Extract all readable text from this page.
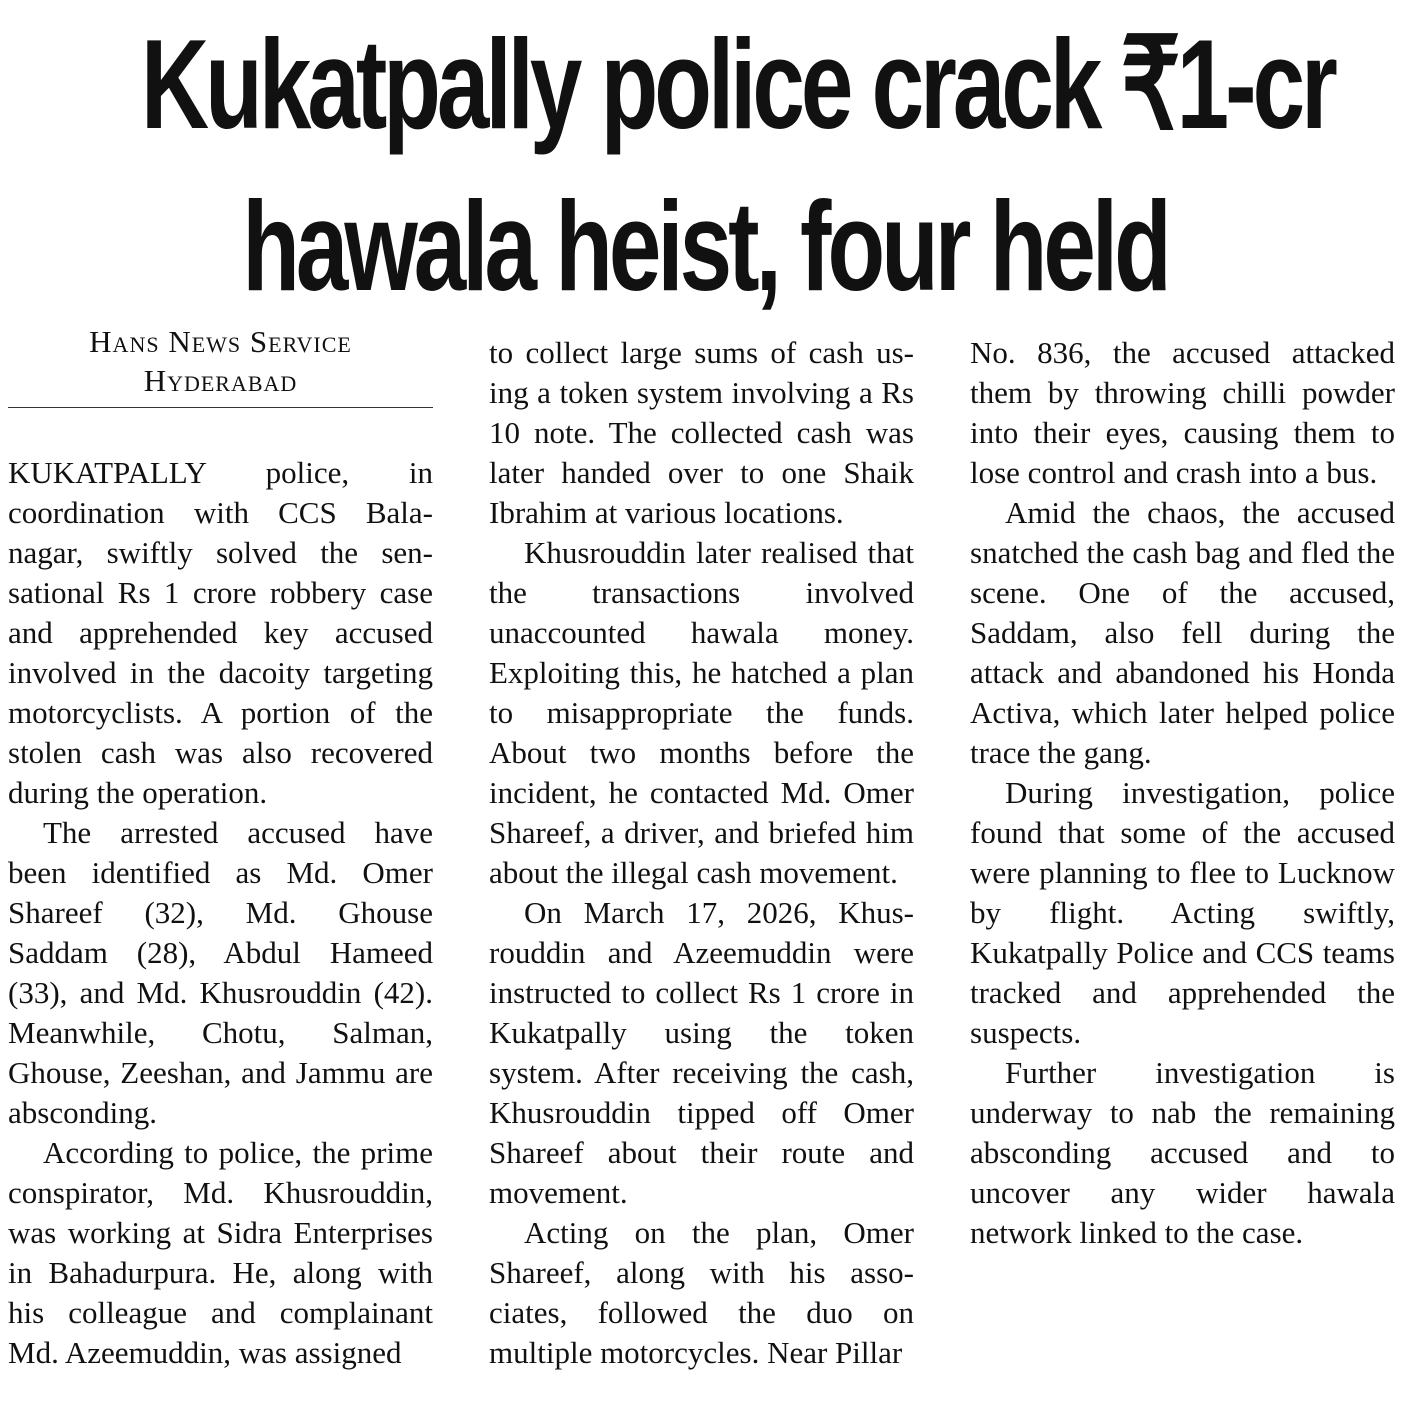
Kukatpally police crack ₹1-cr
hawala heist, four held
Hans News Service
Hyderabad

KUKATPALLY police, in coordination with CCS Balanagar, swiftly solved the sensational Rs 1 crore robbery case and apprehended key accused involved in the dacoity targeting motorcyclists. A portion of the stolen cash was also recovered during the operation.

The arrested accused have been identified as Md. Omer Shareef (32), Md. Ghouse Saddam (28), Abdul Hameed (33), and Md. Khusrouddin (42). Meanwhile, Chotu, Salman, Ghouse, Zeeshan, and Jammu are absconding.

According to police, the prime conspirator, Md. Khusrouddin, was working at Sidra Enterprises in Bahadurpura. He, along with his colleague and complainant Md. Azeemuddin, was assigned

to collect large sums of cash using a token system involving a Rs 10 note. The collected cash was later handed over to one Shaik Ibrahim at various locations.

Khusrouddin later realised that the transactions involved unaccounted hawala money. Exploiting this, he hatched a plan to misappropriate the funds. About two months before the incident, he contacted Md. Omer Shareef, a driver, and briefed him about the illegal cash movement.

On March 17, 2026, Khusrouddin and Azeemuddin were instructed to collect Rs 1 crore in Kukatpally using the token system. After receiving the cash, Khusrouddin tipped off Omer Shareef about their route and movement.

Acting on the plan, Omer Shareef, along with his associates, followed the duo on multiple motorcycles. Near Pillar

No. 836, the accused attacked them by throwing chilli powder into their eyes, causing them to lose control and crash into a bus.

Amid the chaos, the accused snatched the cash bag and fled the scene. One of the accused, Saddam, also fell during the attack and abandoned his Honda Activa, which later helped police trace the gang.

During investigation, police found that some of the accused were planning to flee to Lucknow by flight. Acting swiftly, Kukatpally Police and CCS teams tracked and apprehended the suspects.

Further investigation is underway to nab the remaining absconding accused and to uncover any wider hawala network linked to the case.
